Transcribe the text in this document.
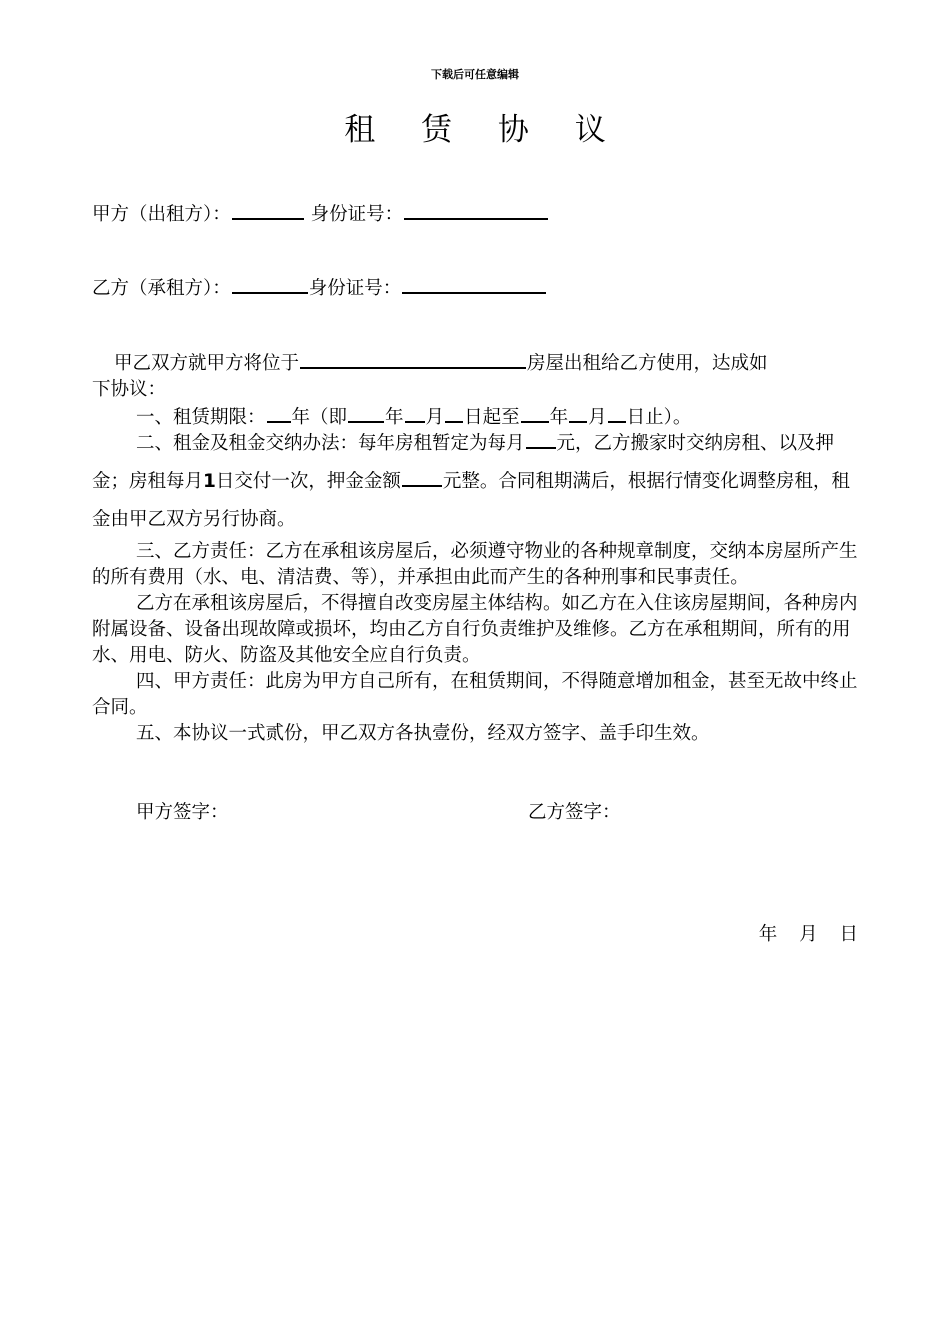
下载后可任意编辑
租 赁 协 议
甲方（出租方）：	身份证号：
乙方（承租方）：	身份证号：

甲乙双方就甲方将位于	房屋出租给乙方使用，达成如
下协议：

一、租赁期限： 年（即 年 月 日起至 年 月 日止）。

二、租金及租金交纳办法：每年房租暂定为每月 元，乙方搬家时交纳房租、以及押金；房租每月1日交付一次，押金金额 元整。合同租期满后，根据行情变化调整房租，租金由甲乙双方另行协商。

三、乙方责任：乙方在承租该房屋后，必须遵守物业的各种规章制度，交纳本房屋所产生的所有费用（水、电、清洁费、等），并承担由此而产生的各种刑事和民事责任。

乙方在承租该房屋后，不得擅自改变房屋主体结构。如乙方在入住该房屋期间，各种房内附属设备、设备出现故障或损坏，均由乙方自行负责维护及维修。乙方在承租期间，所有的用水、用电、防火、防盗及其他安全应自行负责。

四、甲方责任：此房为甲方自己所有，在租赁期间，不得随意增加租金，甚至无故中终止合同。

五、本协议一式贰份，甲乙双方各执壹份，经双方签字、盖手印生效。

甲方签字：	乙方签字：
年 月 日
